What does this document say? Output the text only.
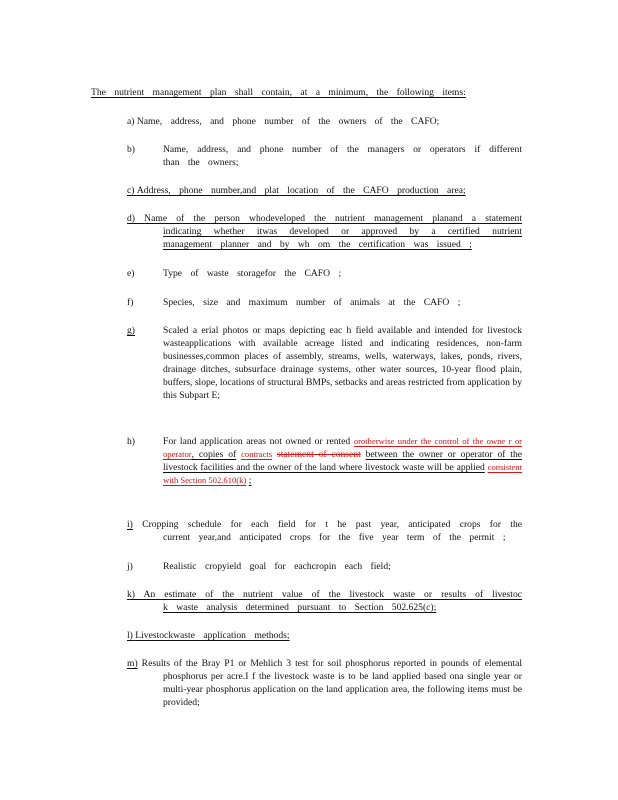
The nutrient management plan shall contain, at a minimum, the following items:
a) Name, address, and phone number of the owners of the CAFO;
b)	Name, address, and phone number of the managers or operators if different than the owners;
c) Address, phone number,and plat location of the CAFO production area;
d) Name of the person whodeveloped the nutrient management planand a statement indicating whether itwas developed or approved by a certified nutrient management planner and by wh om the certification was issued ;
e)	Type of waste storagefor the CAFO ;
f)	Species, size and maximum number of animals at the CAFO ;
g)	Scaled a erial photos or maps depicting eac h field available and intended for livestock wasteapplications with available acreage listed and indicating residences, non-farm businesses,common places of assembly, streams, wells, waterways, lakes, ponds, rivers, drainage ditches, subsurface drainage systems, other water sources, 10-year flood plain, buffers, slope, locations of structural BMPs, setbacks and areas restricted from application by this Subpart E;
h)	For land application areas not owned or rented orotherwise under the control of the owne r or operator, copies of contracts statement of consent between the owner or operator of the livestock facilities and the owner of the land where livestock waste will be applied consistent with Section 502.610(k) ;
i) Cropping schedule for each field for t he past year, anticipated crops for the current year,and anticipated crops for the five year term of the permit ;
j)	Realistic cropyield goal for eachcropin each field;
k) An estimate of the nutrient value of the livestock waste or results of livestoc k waste analysis determined pursuant to Section 502.625(c);
l) Livestockwaste application methods;
m) Results of the Bray P1 or Mehlich 3 test for soil phosphorus reported in pounds of elemental phosphorus per acre.I f the livestock waste is to be land applied based ona single year or multi-year phosphorus application on the land application area, the following items must be provided;
